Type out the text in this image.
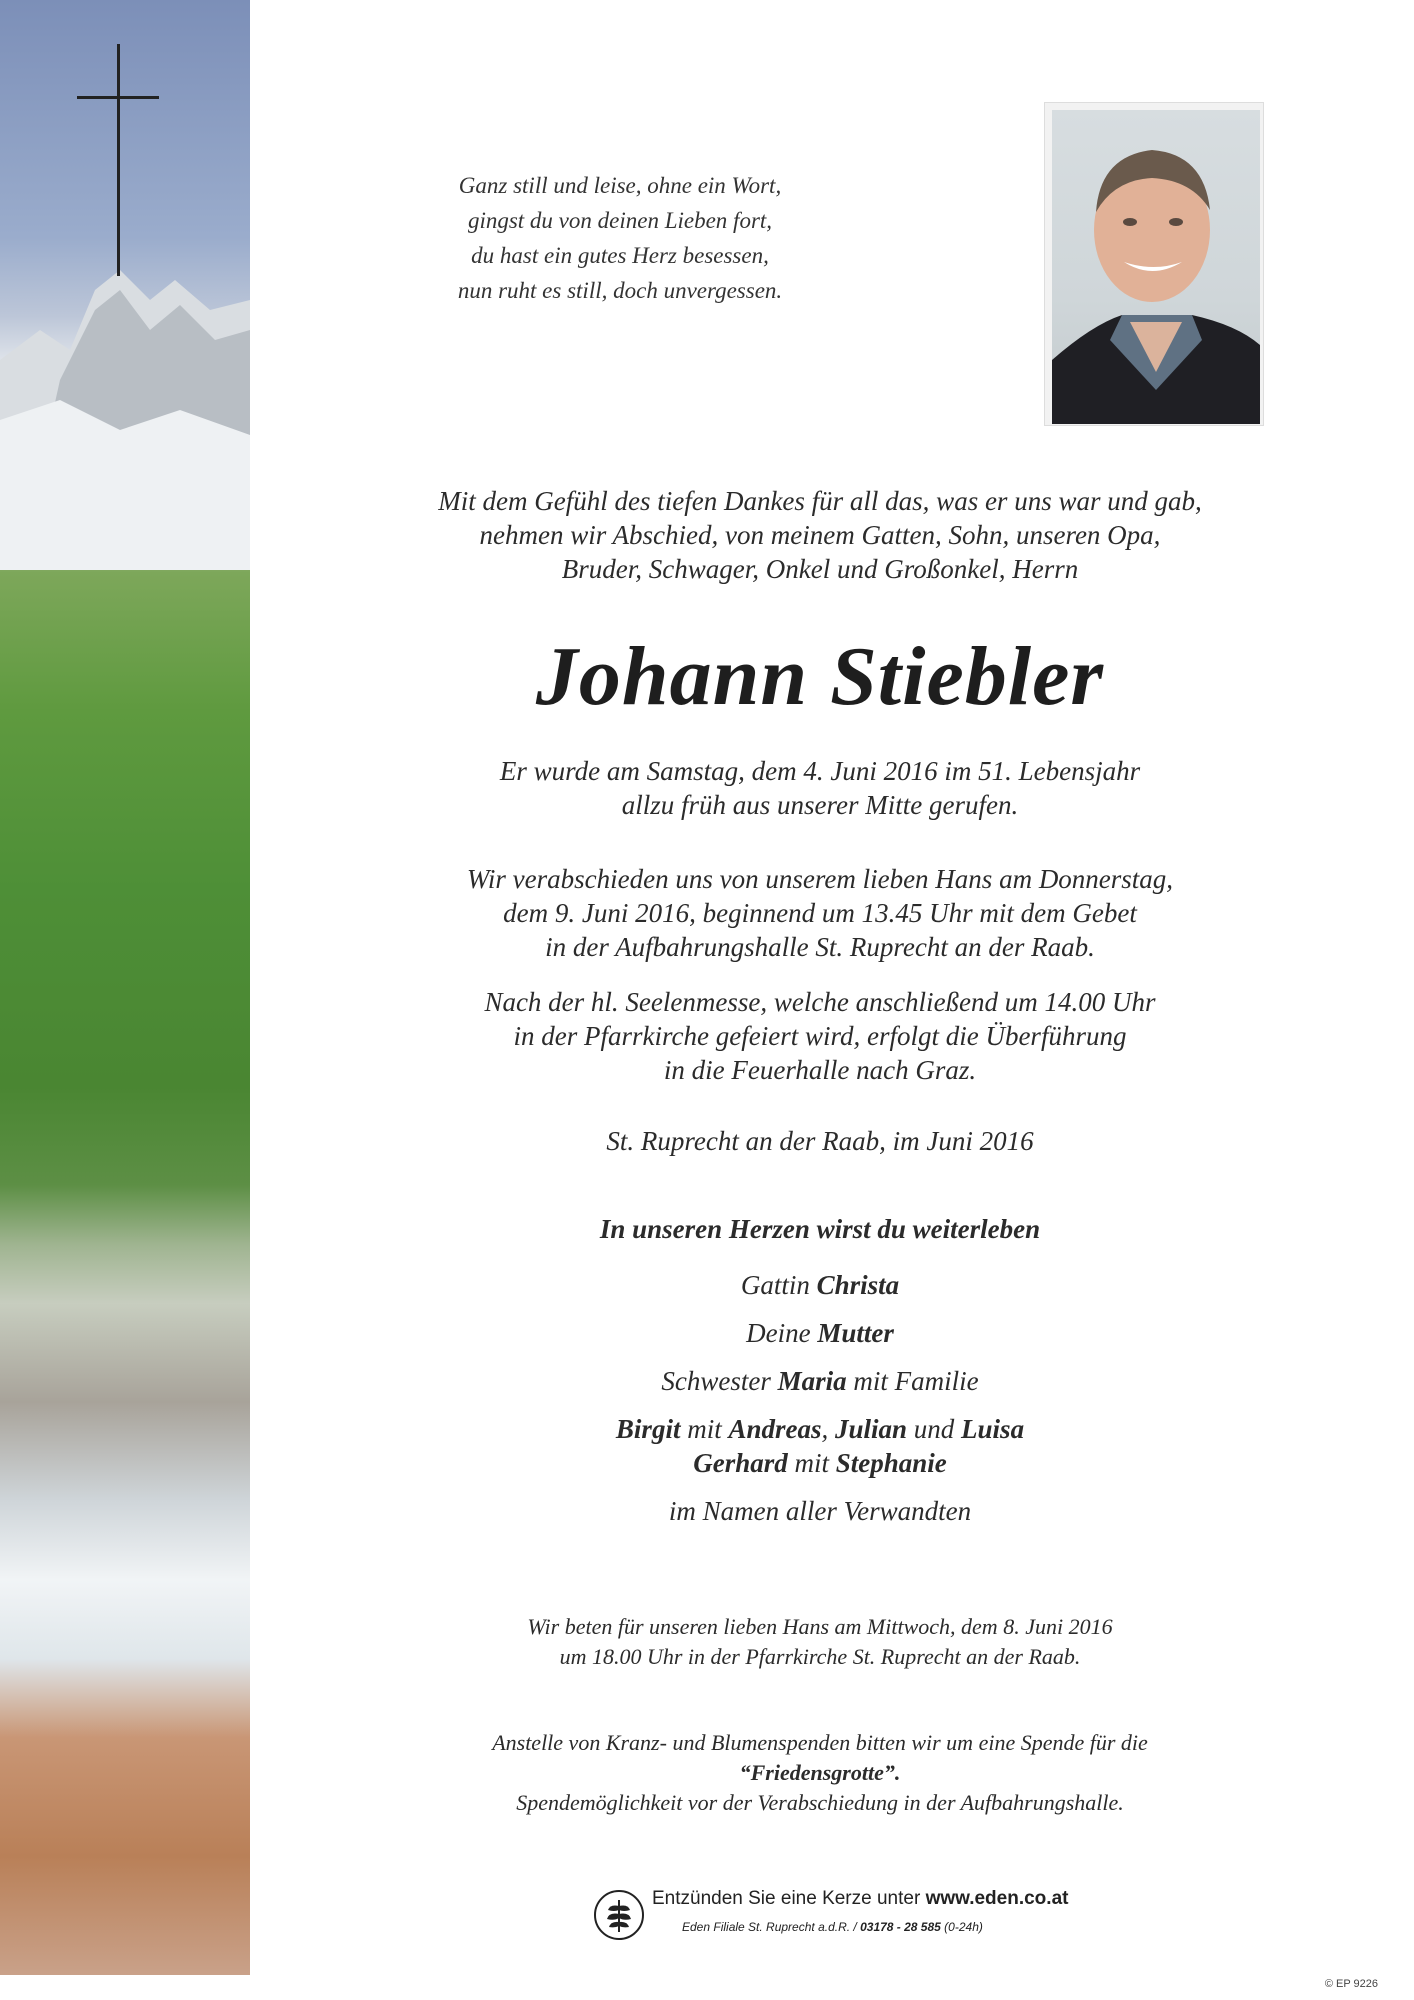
Ganz still und leise, ohne ein Wort,
gingst du von deinen Lieben fort,
du hast ein gutes Herz besessen,
nun ruht es still, doch unvergessen.
Mit dem Gefühl des tiefen Dankes für all das, was er uns war und gab,
nehmen wir Abschied, von meinem Gatten, Sohn, unseren Opa,
Bruder, Schwager, Onkel und Großonkel, Herrn
Johann Stiebler
Er wurde am Samstag, dem 4. Juni 2016 im 51. Lebensjahr
allzu früh aus unserer Mitte gerufen.
Wir verabschieden uns von unserem lieben Hans am Donnerstag,
dem 9. Juni 2016, beginnend um 13.45 Uhr mit dem Gebet
in der Aufbahrungshalle St. Ruprecht an der Raab.
Nach der hl. Seelenmesse, welche anschließend um 14.00 Uhr
in der Pfarrkirche gefeiert wird, erfolgt die Überführung
in die Feuerhalle nach Graz.
St. Ruprecht an der Raab, im Juni 2016
In unseren Herzen wirst du weiterleben
Gattin Christa
Deine Mutter
Schwester Maria mit Familie
Birgit mit Andreas, Julian und Luisa
Gerhard mit Stephanie
im Namen aller Verwandten
Wir beten für unseren lieben Hans am Mittwoch, dem 8. Juni 2016
um 18.00 Uhr in der Pfarrkirche St. Ruprecht an der Raab.
Anstelle von Kranz- und Blumenspenden bitten wir um eine Spende für die
“Friedensgrotte”.
Spendemöglichkeit vor der Verabschiedung in der Aufbahrungshalle.
Entzünden Sie eine Kerze unter www.eden.co.at
Eden Filiale St. Ruprecht a.d.R. / 03178 - 28 585 (0-24h)
© EP 9226
